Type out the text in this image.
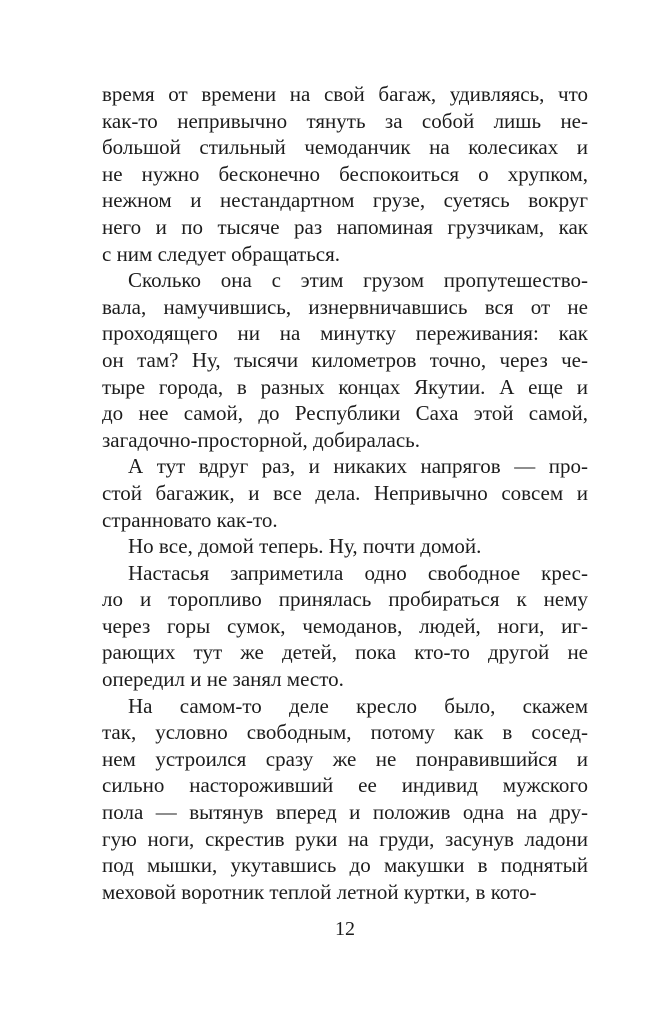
время от времени на свой багаж, удивляясь, что
как-то непривычно тянуть за собой лишь не-
большой стильный чемоданчик на колесиках и
не нужно бесконечно беспокоиться о хрупком,
нежном и нестандартном грузе, суетясь вокруг
него и по тысяче раз напоминая грузчикам, как
с ним следует обращаться.

Сколько она с этим грузом пропутешество-
вала, намучившись, изнервничавшись вся от не
проходящего ни на минутку переживания: как
он там? Ну, тысячи километров точно, через че-
тыре города, в разных концах Якутии. А еще и
до нее самой, до Республики Саха этой самой,
загадочно-просторной, добиралась.

А тут вдруг раз, и никаких напрягов — про-
стой багажик, и все дела. Непривычно совсем и
странновато как-то.

Но все, домой теперь. Ну, почти домой.

Настасья заприметила одно свободное крес-
ло и торопливо принялась пробираться к нему
через горы сумок, чемоданов, людей, ноги, иг-
рающих тут же детей, пока кто-то другой не
опередил и не занял место.

На самом-то деле кресло было, скажем
так, условно свободным, потому как в сосед-
нем устроился сразу же не понравившийся и
сильно настороживший ее индивид мужского
пола — вытянув вперед и положив одна на дру-
гую ноги, скрестив руки на груди, засунув ладони
под мышки, укутавшись до макушки в поднятый
меховой воротник теплой летной куртки, в кото-

12
